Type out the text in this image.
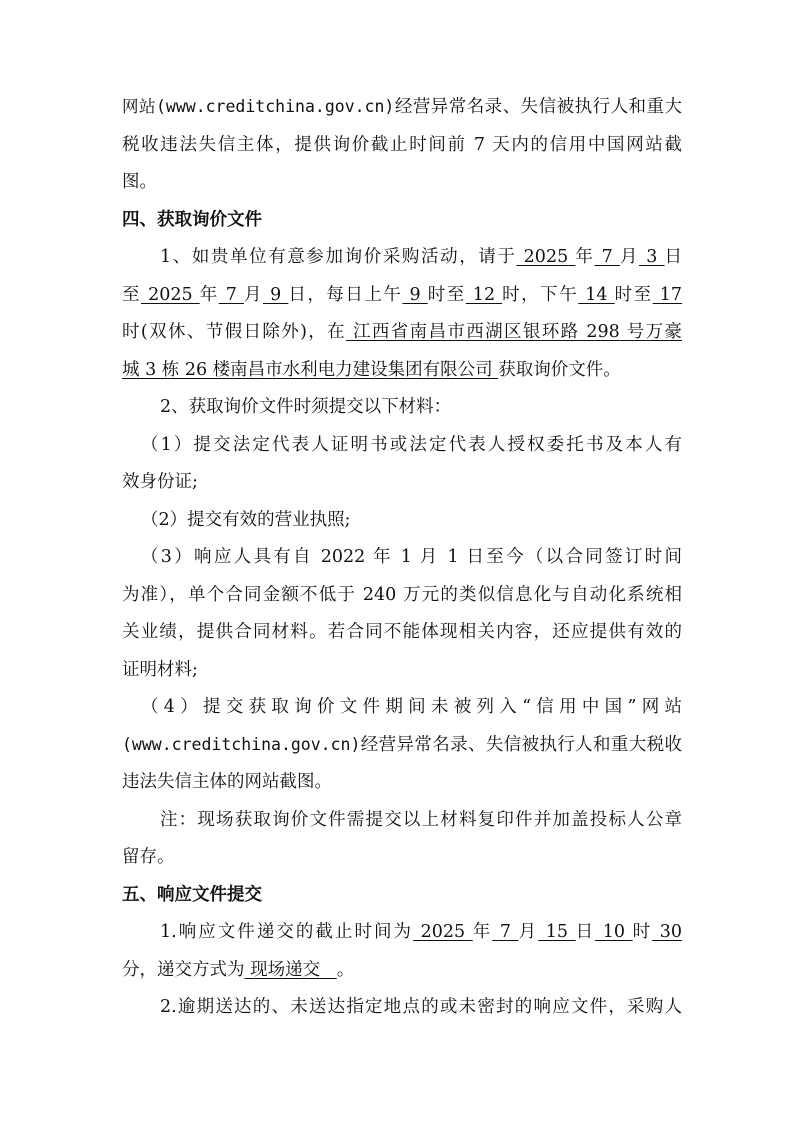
网站(www.creditchina.gov.cn)经营异常名录、失信被执行人和重大
税收违法失信主体，提供询价截止时间前 7 天内的信用中国网站截
图。
四、获取询价文件
1、如贵单位有意参加询价采购活动，请于 2025 年 7 月 3 日
至 2025 年 7 月 9 日，每日上午 9 时至 12 时，下午 14 时至 17
时(双休、节假日除外)，在 江西省南昌市西湖区银环路 298 号万豪
城 3 栋 26 楼南昌市水利电力建设集团有限公司 获取询价文件。
2、获取询价文件时须提交以下材料：
（1）提交法定代表人证明书或法定代表人授权委托书及本人有
效身份证;
（2）提交有效的营业执照;
（3）响应人具有自 2022 年 1 月 1 日至今（以合同签订时间
为准），单个合同金额不低于 240 万元的类似信息化与自动化系统相
关业绩，提供合同材料。若合同不能体现相关内容，还应提供有效的
证明材料;
（4）提交获取询价文件期间未被列入“信用中国”网站
(www.creditchina.gov.cn)经营异常名录、失信被执行人和重大税收
违法失信主体的网站截图。
注：现场获取询价文件需提交以上材料复印件并加盖投标人公章
留存。
五、响应文件提交
1.响应文件递交的截止时间为 2025 年 7 月 15 日 10 时 30
分，递交方式为 现场递交   。
2.逾期送达的、未送达指定地点的或未密封的响应文件，采购人
